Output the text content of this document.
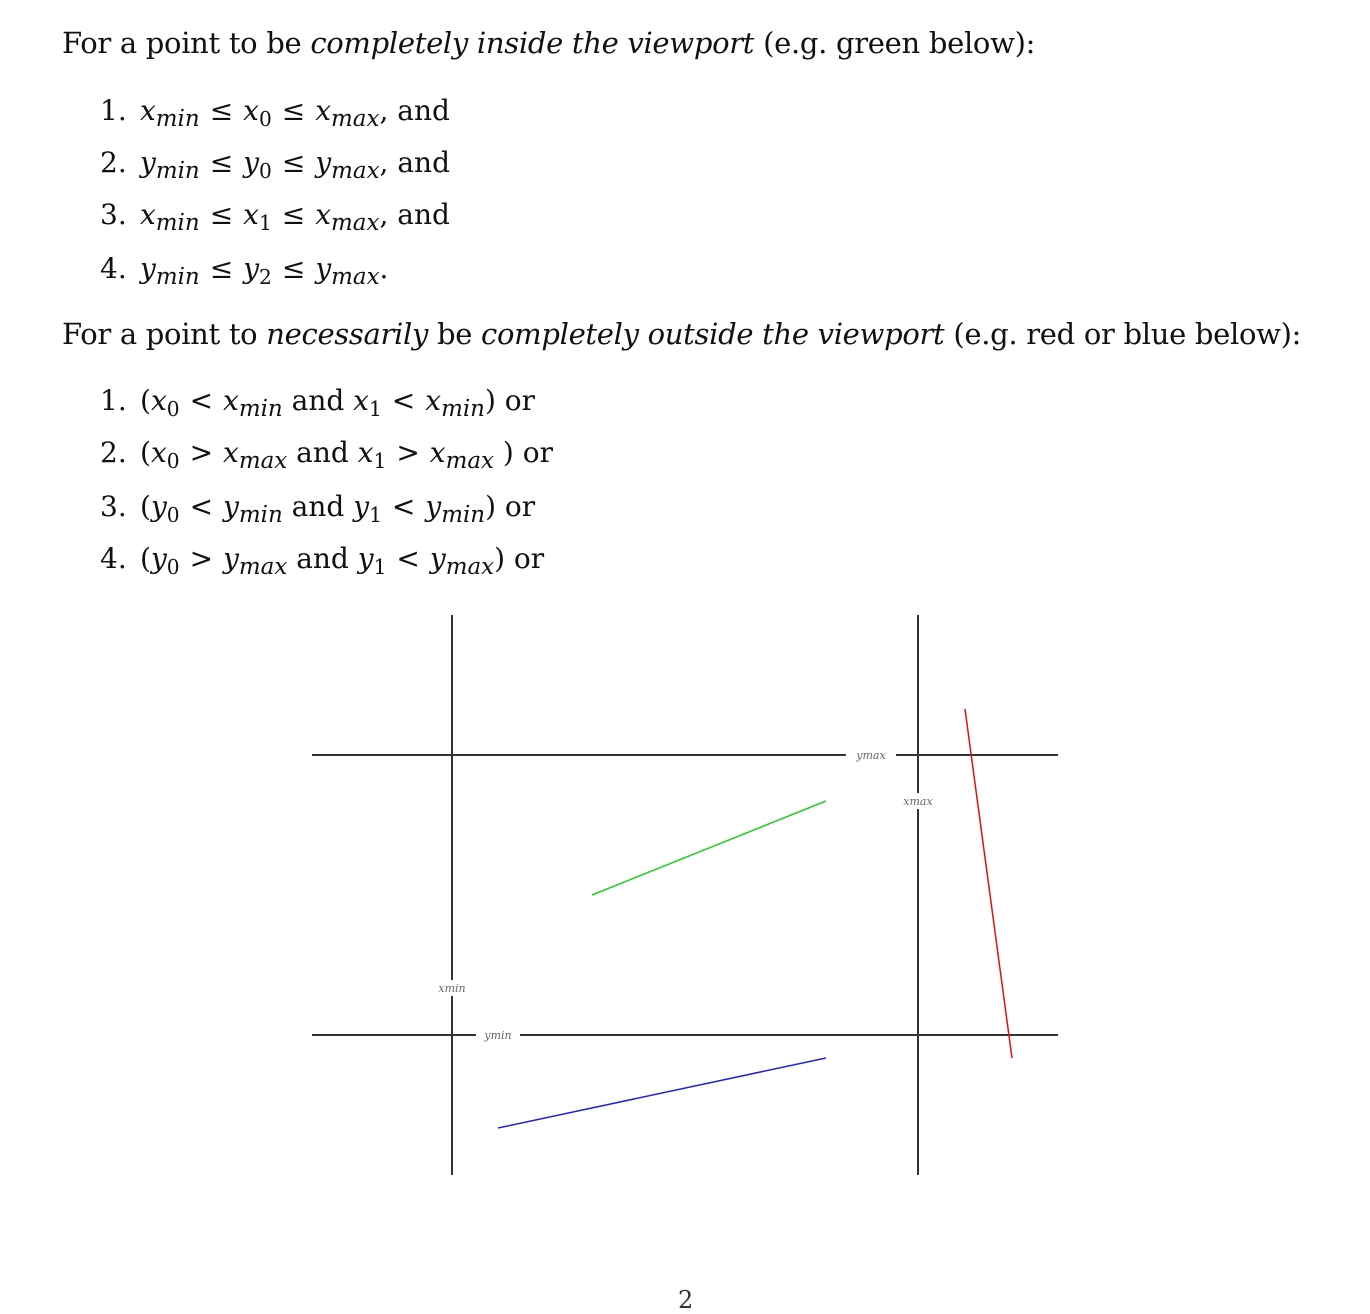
For a point to be completely inside the viewport (e.g. green below):
1. $x_{min} \le x_0 \le x_{max}$, and
2. $y_{min} \le y_0 \le y_{max}$, and
3. $x_{min} \le x_1 \le x_{max}$, and
4. $y_{min} \le y_2 \le y_{max}$.
For a point to necessarily be completely outside the viewport (e.g. red or blue below):
1. ($x_0 < x_{min}$ and $x_1 < x_{min}$) or
2. ($x_0 > x_{max}$ and $x_1 > x_{max}$ ) or
3. ($y_0 < y_{min}$ and $y_1 < y_{min}$) or
4. ($y_0 > y_{max}$ and $y_1 < y_{max}$) or
ymax
xmax
xmin
ymin
2
